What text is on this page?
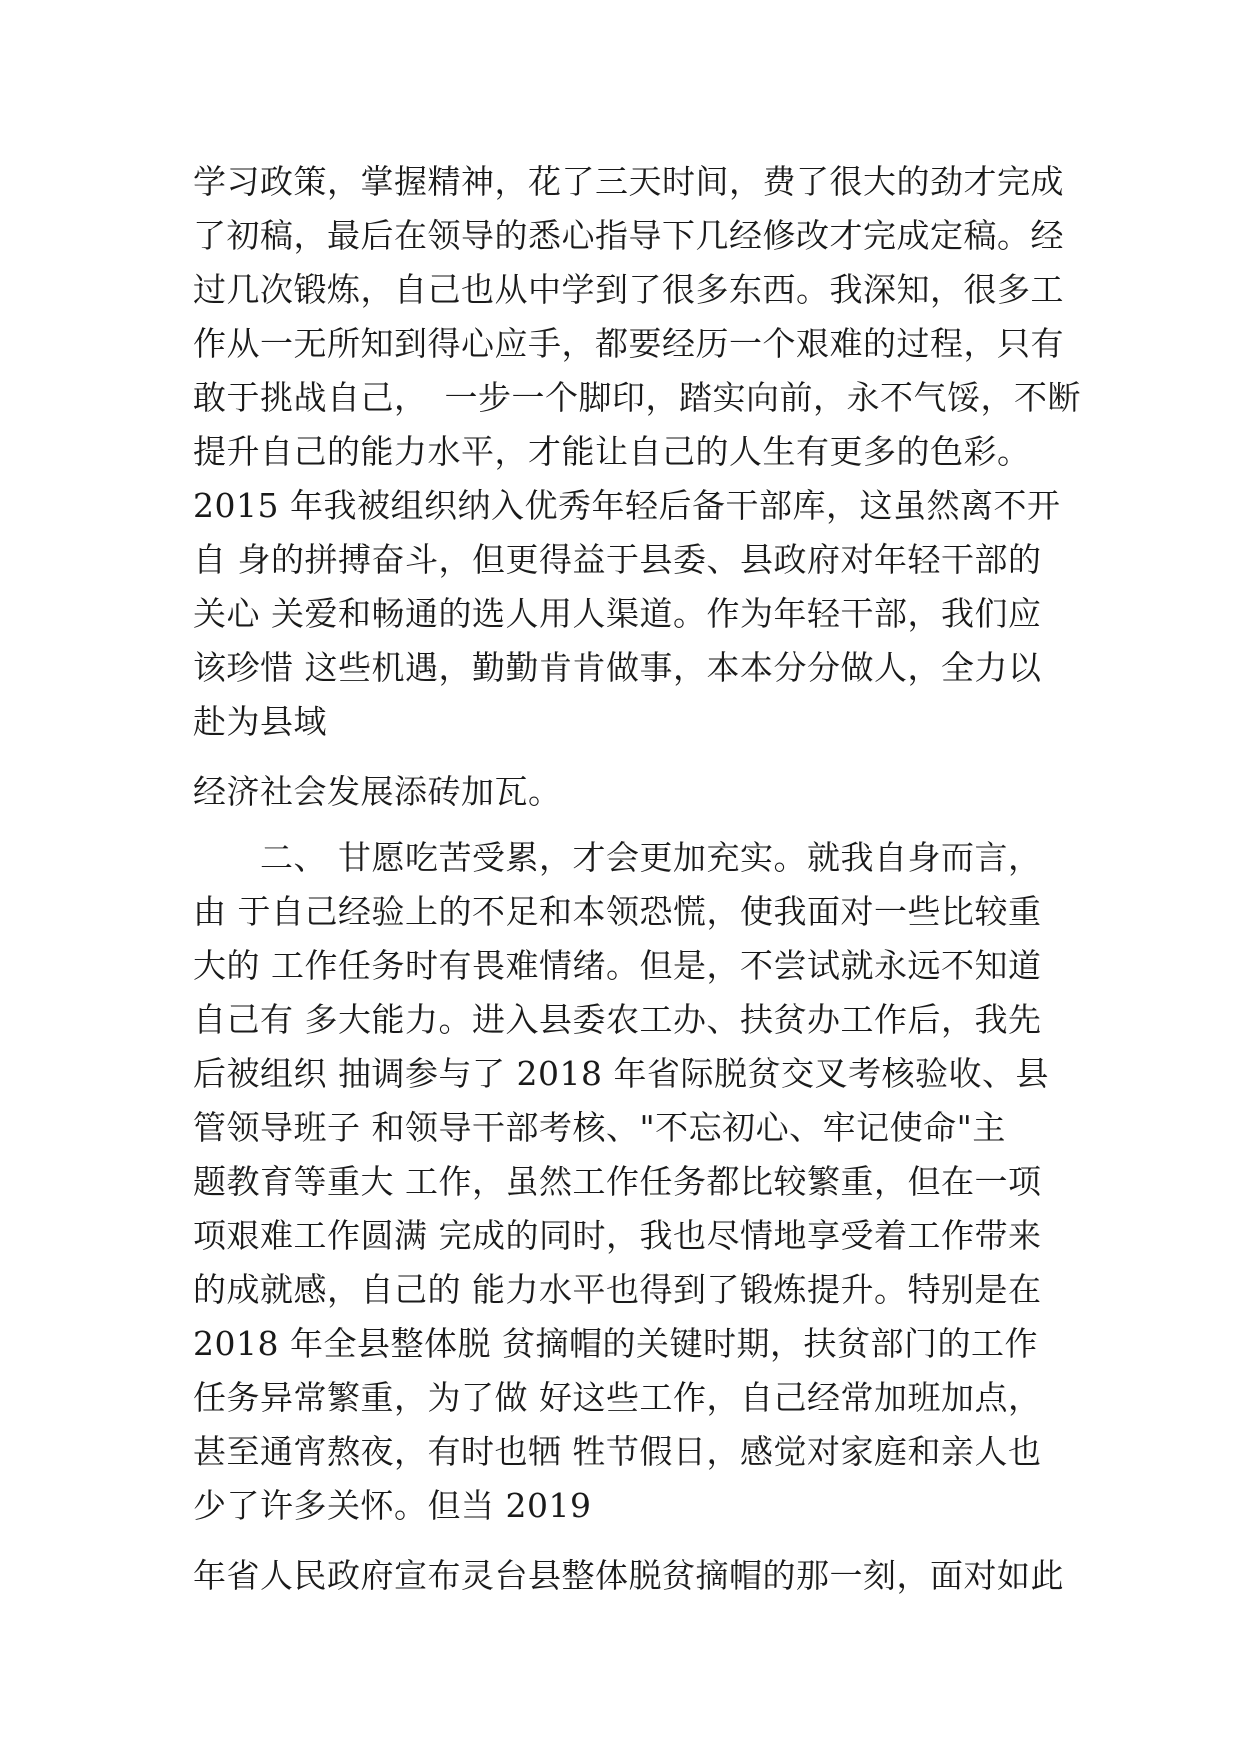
学习政策，掌握精神，花了三天时间，费了很大的劲才完成
了初稿，最后在领导的悉心指导下几经修改才完成定稿。经
过几次锻炼，自己也从中学到了很多东西。我深知，很多工
作从一无所知到得心应手，都要经历一个艰难的过程，只有
敢于挑战自己，　一步一个脚印，踏实向前，永不气馁，不断
提升自己的能力水平，才能让自己的人生有更多的色彩。
2015 年我被组织纳入优秀年轻后备干部库，这虽然离不开
自 身的拼搏奋斗，但更得益于县委、县政府对年轻干部的
关心 关爱和畅通的选人用人渠道。作为年轻干部，我们应
该珍惜 这些机遇，勤勤肯肯做事，本本分分做人，全力以
赴为县域
经济社会发展添砖加瓦。
　　二、 甘愿吃苦受累，才会更加充实。就我自身而言，
由 于自己经验上的不足和本领恐慌，使我面对一些比较重
大的 工作任务时有畏难情绪。但是，不尝试就永远不知道
自己有 多大能力。进入县委农工办、扶贫办工作后，我先
后被组织 抽调参与了 2018 年省际脱贫交叉考核验收、县
管领导班子 和领导干部考核、"不忘初心、牢记使命"主
题教育等重大 工作，虽然工作任务都比较繁重，但在一项
项艰难工作圆满 完成的同时，我也尽情地享受着工作带来
的成就感，自己的 能力水平也得到了锻炼提升。特别是在
2018 年全县整体脱 贫摘帽的关键时期，扶贫部门的工作
任务异常繁重，为了做 好这些工作，自己经常加班加点，
甚至通宵熬夜，有时也牺 牲节假日，感觉对家庭和亲人也
少了许多关怀。但当 2019
年省人民政府宣布灵台县整体脱贫摘帽的那一刻，面对如此
